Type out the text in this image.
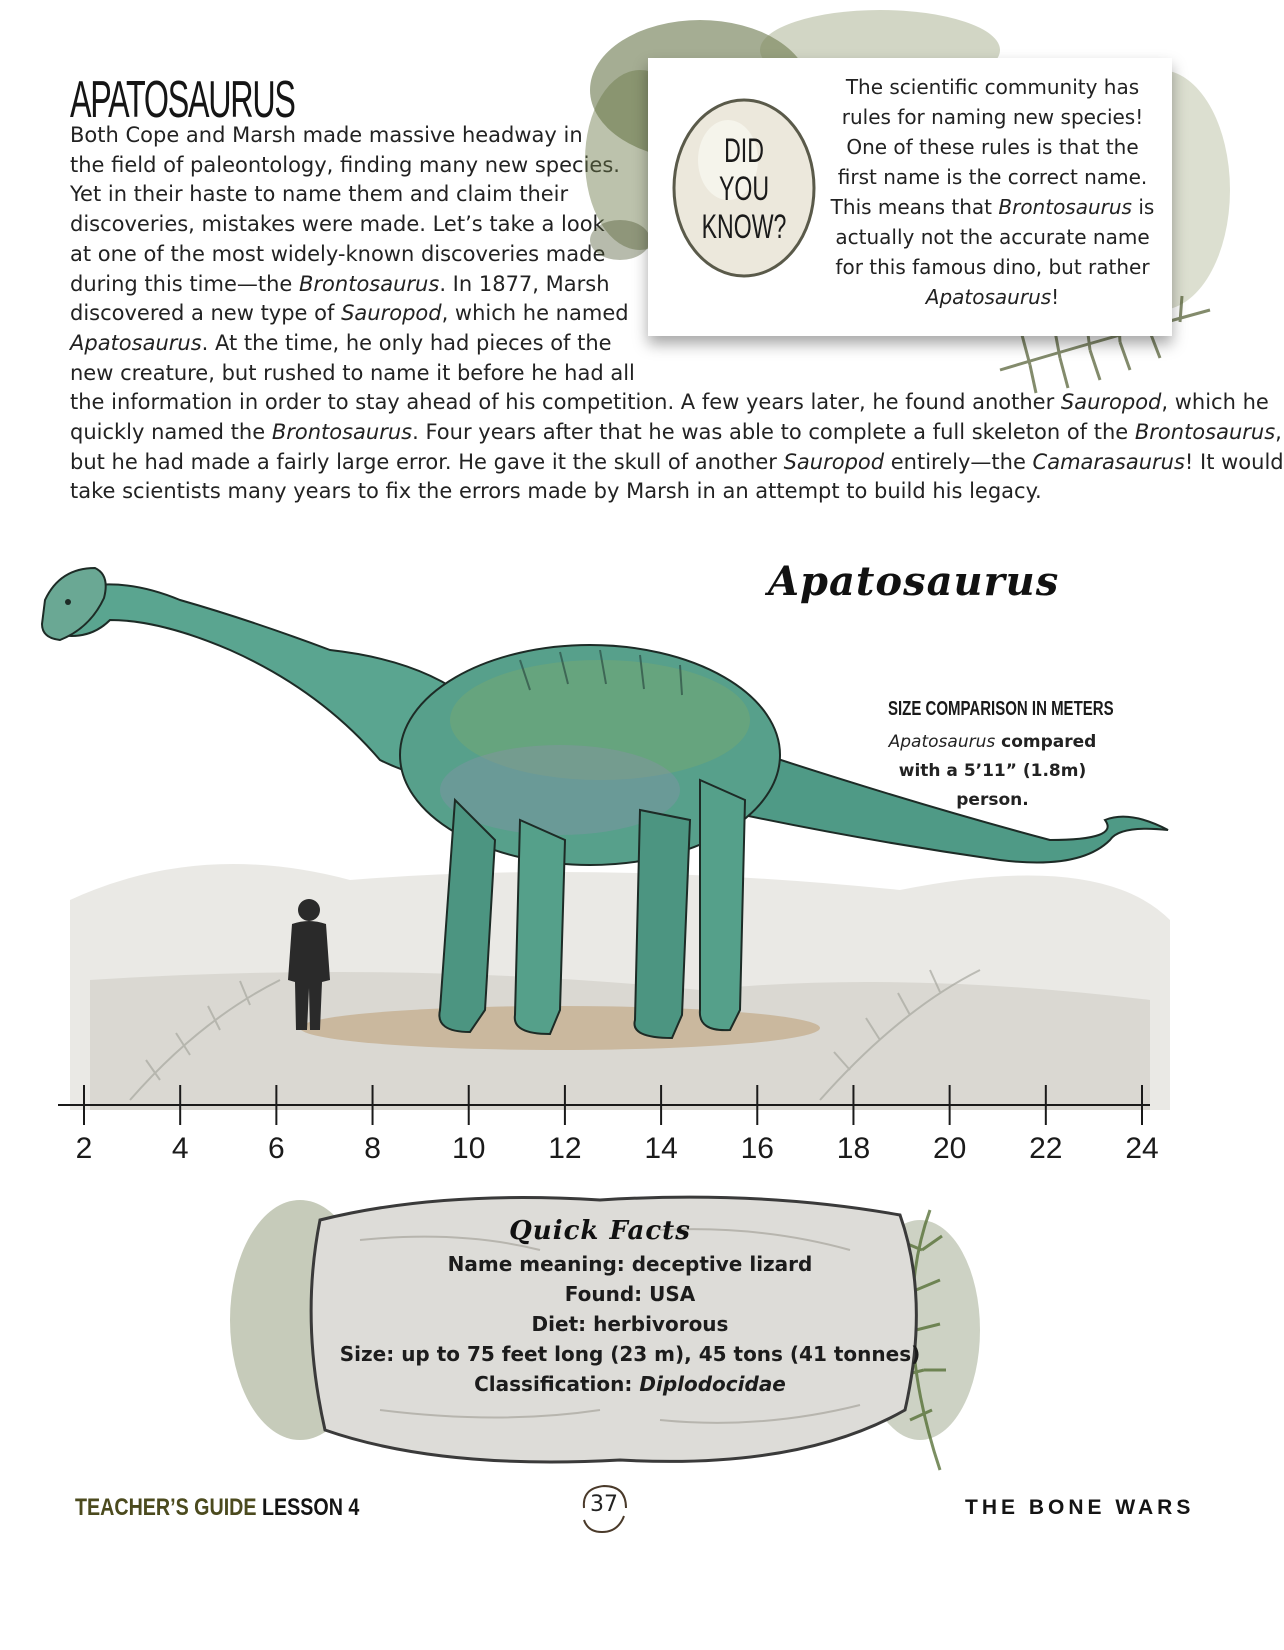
APATOSAURUS
Both Cope and Marsh made massive headway in
the field of paleontology, finding many new species.
Yet in their haste to name them and claim their
discoveries, mistakes were made. Let’s take a look
at one of the most widely-known discoveries made
during this time—the Brontosaurus. In 1877, Marsh
discovered a new type of Sauropod, which he named
Apatosaurus. At the time, he only had pieces of the
new creature, but rushed to name it before he had all
the information in order to stay ahead of his competition. A few years later, he found another Sauropod, which he
quickly named the Brontosaurus. Four years after that he was able to complete a full skeleton of the Brontosaurus,
but he had made a fairly large error. He gave it the skull of another Sauropod entirely—the Camarasaurus! It would
take scientists many years to fix the errors made by Marsh in an attempt to build his legacy.
DID
YOU
KNOW?
The scientific community has
rules for naming new species!
One of these rules is that the
first name is the correct name.
This means that Brontosaurus is
actually not the accurate name
for this famous dino, but rather
Apatosaurus!
2	4	6	8 10 12 14 16 18 20 22 24
Apatosaurus
SIZE COMPARISON IN METERS
Apatosaurus compared
with a 5’11” (1.8m)
person.
Quick Facts
Name meaning: deceptive lizard
Found: USA
Diet: herbivorous
Size: up to 75 feet long (23 m), 45 tons (41 tonnes)
Classification: Diplodocidae
TEACHER’S GUIDE LESSON 4	37	THE BONE WARS
